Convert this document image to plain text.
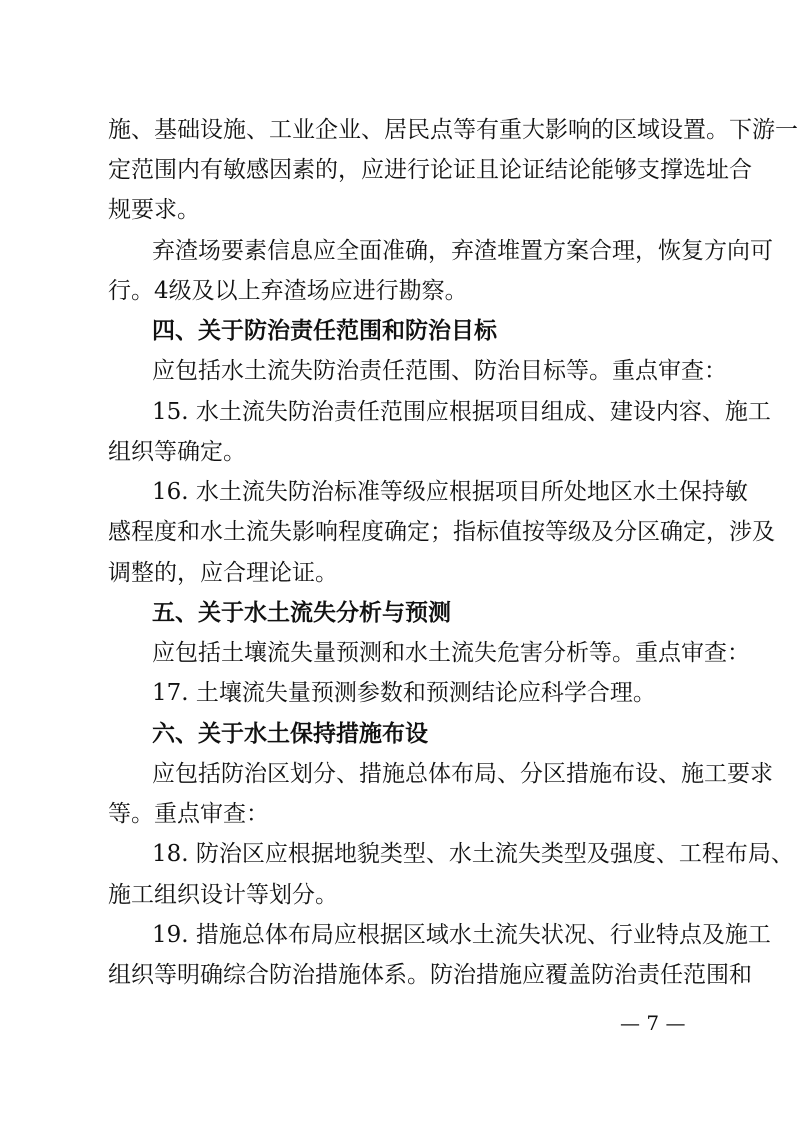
施、基础设施、工业企业、居民点等有重大影响的区域设置。下游一
定范围内有敏感因素的，应进行论证且论证结论能够支撑选址合
规要求。
弃渣场要素信息应全面准确，弃渣堆置方案合理，恢复方向可
行。4级及以上弃渣场应进行勘察。
四、关于防治责任范围和防治目标
应包括水土流失防治责任范围、防治目标等。重点审查：
15. 水土流失防治责任范围应根据项目组成、建设内容、施工
组织等确定。
16. 水土流失防治标准等级应根据项目所处地区水土保持敏
感程度和水土流失影响程度确定；指标值按等级及分区确定，涉及
调整的，应合理论证。
五、关于水土流失分析与预测
应包括土壤流失量预测和水土流失危害分析等。重点审查：
17. 土壤流失量预测参数和预测结论应科学合理。
六、关于水土保持措施布设
应包括防治区划分、措施总体布局、分区措施布设、施工要求
等。重点审查：
18. 防治区应根据地貌类型、水土流失类型及强度、工程布局、
施工组织设计等划分。
19. 措施总体布局应根据区域水土流失状况、行业特点及施工
组织等明确综合防治措施体系。防治措施应覆盖防治责任范围和
— 7 —
